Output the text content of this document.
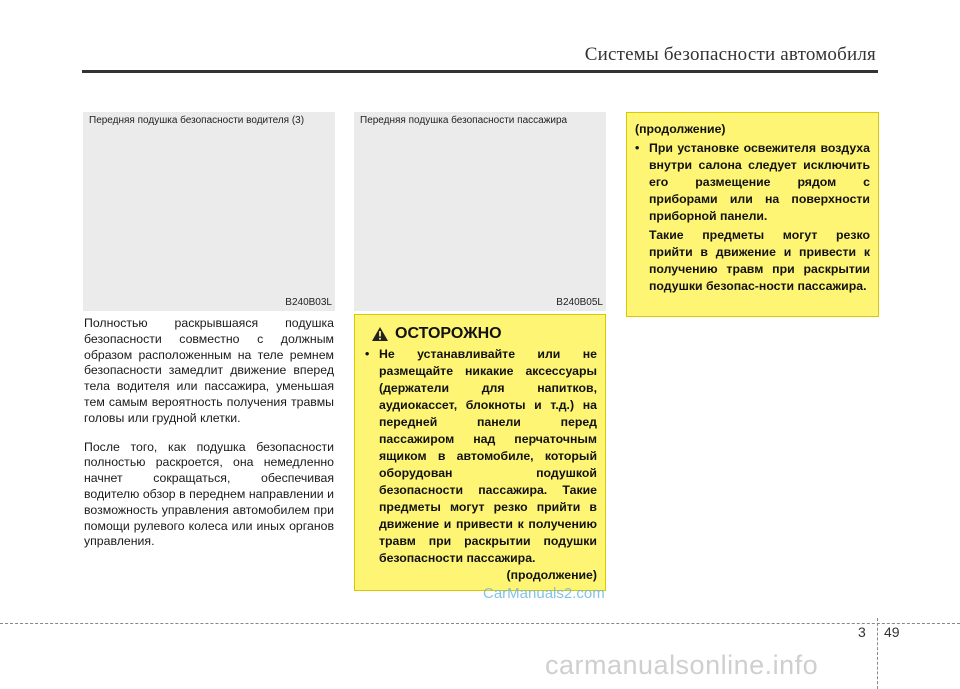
Системы безопасности автомобиля
Передняя подушка безопасности водителя (3)
B240B03L
Передняя подушка безопасности пассажира
B240B05L

Полностью раскрывшаяся подушка безопасности совместно с должным образом расположенным на теле ремнем безопасности замедлит движение вперед тела водителя или пассажира, уменьшая тем самым вероятность получения травмы головы или грудной клетки.

После того, как подушка безопасности полностью раскроется, она немедленно начнет сокращаться, обеспечивая водителю обзор в переднем направлении и возможность управления автомобилем при помощи рулевого колеса или иных органов управления.

ОСТОРОЖНО
• Не устанавливайте или не размещайте никакие аксессуары (держатели для напитков, аудиокассет, блокноты и т.д.) на передней панели перед пассажиром над перчаточным ящиком в автомобиле, который оборудован подушкой безопасности пассажира. Такие предметы могут резко прийти в движение и привести к получению травм при раскрытии подушки безопасности пассажира.
(продолжение)
(продолжение)
• При установке освежителя воздуха внутри салона следует исключить его размещение рядом с приборами или на поверхности приборной панели.
Такие предметы могут резко прийти в движение и привести к получению травм при раскрытии подушки безопас-ности пассажира.
3 49
CarManuals2.com
carmanualsonline.info
